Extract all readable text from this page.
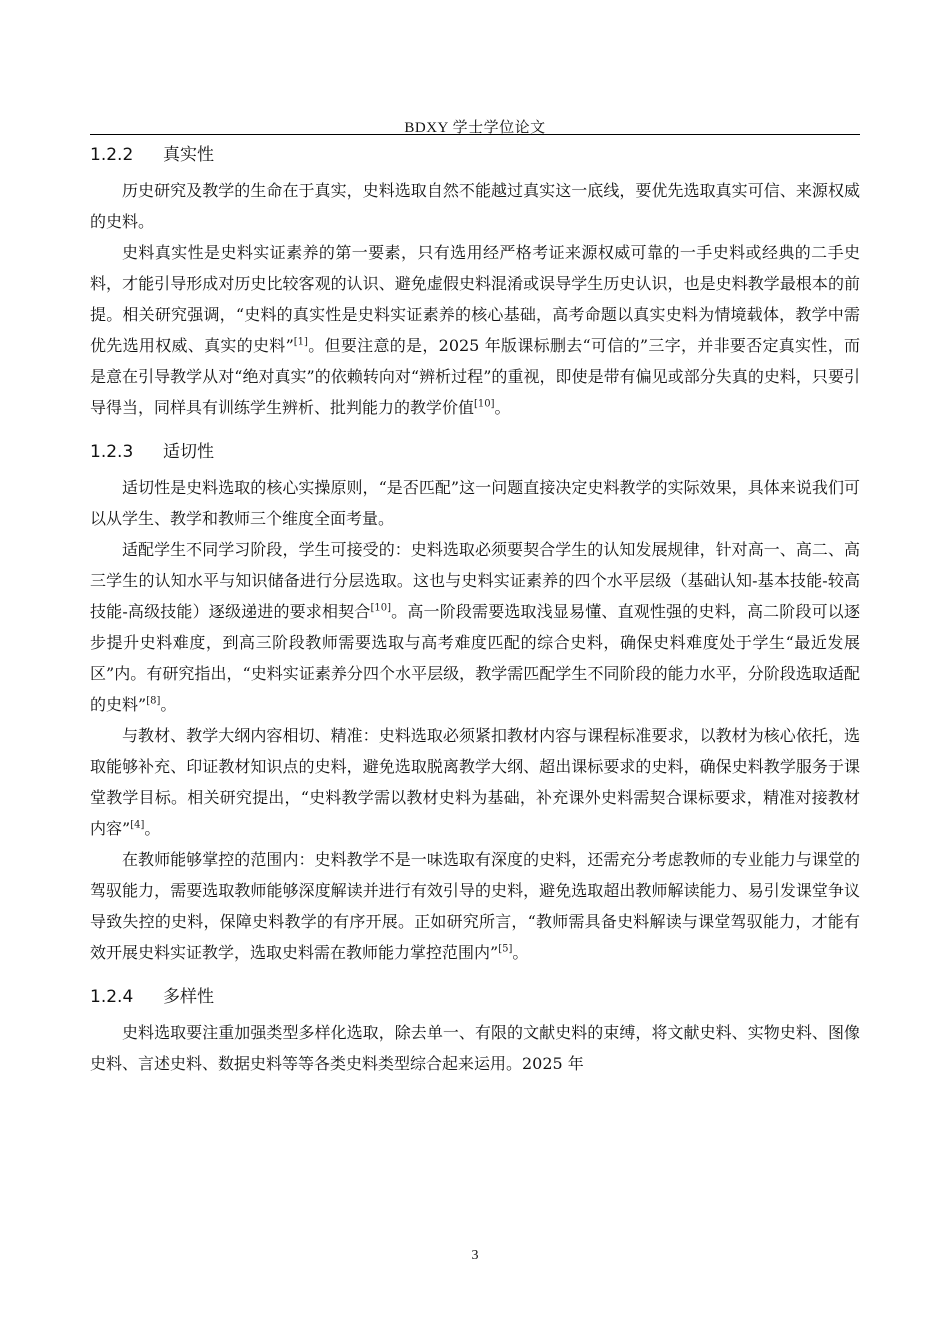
BDXY 学士学位论文
1.2.2 真实性

历史研究及教学的生命在于真实，史料选取自然不能越过真实这一底线，要优先选取真实可信、来源权威的史料。

史料真实性是史料实证素养的第一要素，只有选用经严格考证来源权威可靠的一手史料或经典的二手史料，才能引导形成对历史比较客观的认识、避免虚假史料混淆或误导学生历史认识，也是史料教学最根本的前提。相关研究强调，“史料的真实性是史料实证素养的核心基础，高考命题以真实史料为情境载体，教学中需优先选用权威、真实的史料”[1]。但要注意的是，2025 年版课标删去“可信的”三字，并非要否定真实性，而是意在引导教学从对“绝对真实”的依赖转向对“辨析过程”的重视，即使是带有偏见或部分失真的史料，只要引导得当，同样具有训练学生辨析、批判能力的教学价值[10]。

1.2.3 适切性

适切性是史料选取的核心实操原则，“是否匹配”这一问题直接决定史料教学的实际效果，具体来说我们可以从学生、教学和教师三个维度全面考量。

适配学生不同学习阶段，学生可接受的：史料选取必须要契合学生的认知发展规律，针对高一、高二、高三学生的认知水平与知识储备进行分层选取。这也与史料实证素养的四个水平层级（基础认知-基本技能-较高技能-高级技能）逐级递进的要求相契合[10]。高一阶段需要选取浅显易懂、直观性强的史料，高二阶段可以逐步提升史料难度，到高三阶段教师需要选取与高考难度匹配的综合史料，确保史料难度处于学生“最近发展区”内。有研究指出，“史料实证素养分四个水平层级，教学需匹配学生不同阶段的能力水平，分阶段选取适配的史料”[8]。

与教材、教学大纲内容相切、精准：史料选取必须紧扣教材内容与课程标准要求，以教材为核心依托，选取能够补充、印证教材知识点的史料，避免选取脱离教学大纲、超出课标要求的史料，确保史料教学服务于课堂教学目标。相关研究提出，“史料教学需以教材史料为基础，补充课外史料需契合课标要求，精准对接教材内容”[4]。

在教师能够掌控的范围内：史料教学不是一味选取有深度的史料，还需充分考虑教师的专业能力与课堂的驾驭能力，需要选取教师能够深度解读并进行有效引导的史料，避免选取超出教师解读能力、易引发课堂争议导致失控的史料，保障史料教学的有序开展。正如研究所言，“教师需具备史料解读与课堂驾驭能力，才能有效开展史料实证教学，选取史料需在教师能力掌控范围内”[5]。

1.2.4 多样性

史料选取要注重加强类型多样化选取，除去单一、有限的文献史料的束缚，将文献史料、实物史料、图像史料、言述史料、数据史料等等各类史料类型综合起来运用。2025 年

3
